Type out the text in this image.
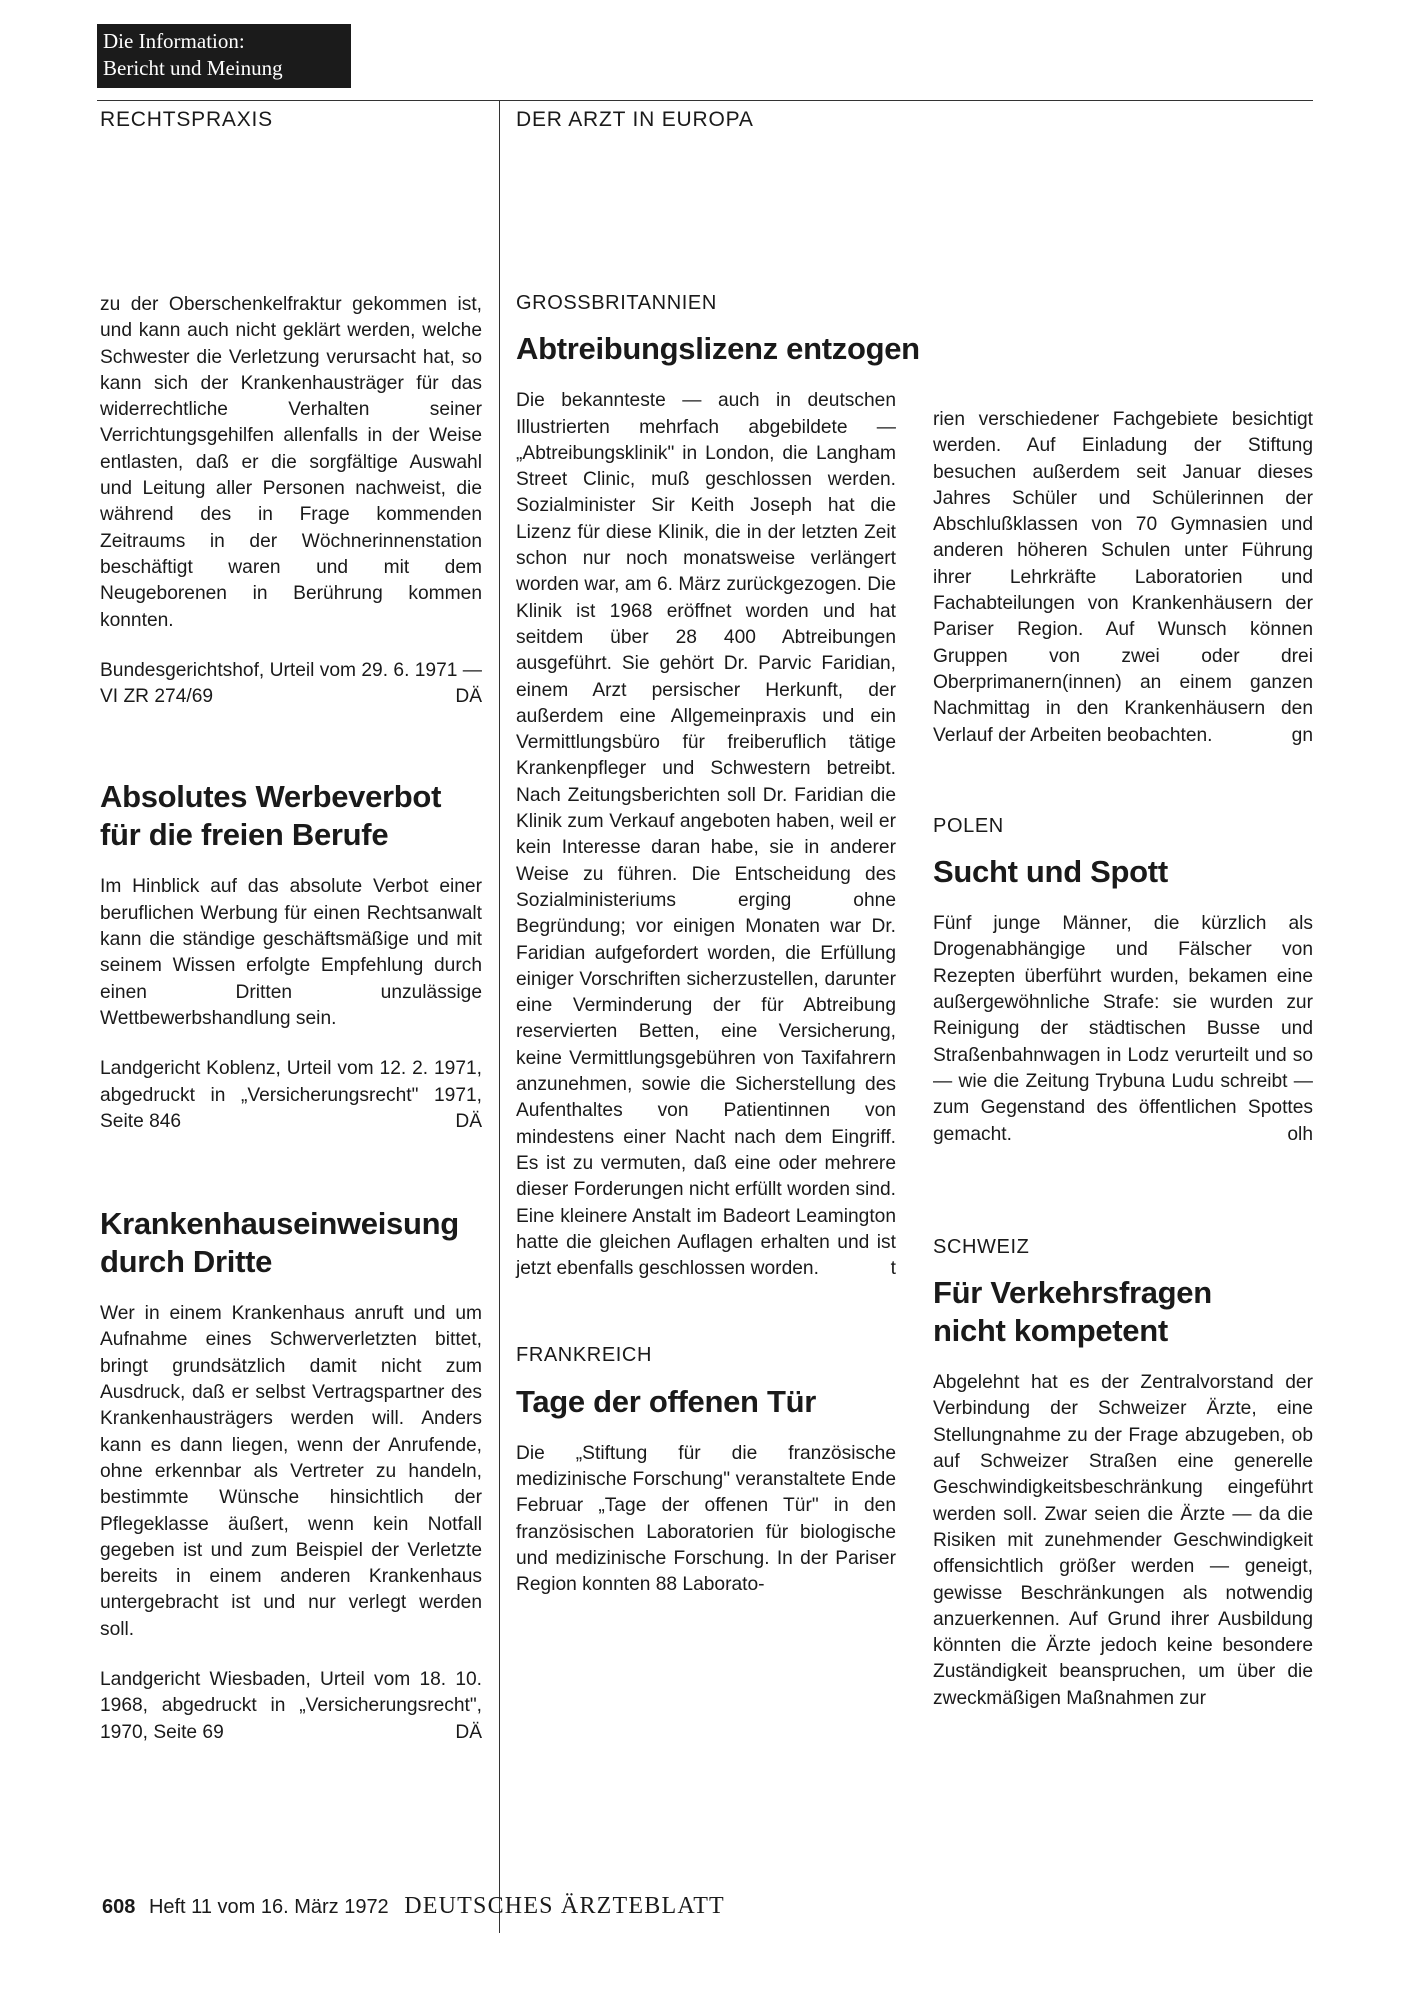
Die Information:
Bericht und Meinung
RECHTSPRAXIS	DER ARZT IN EUROPA

zu der Oberschenkelfraktur gekommen ist, und kann auch nicht geklärt werden, welche Schwester die Verletzung verursacht hat, so kann sich der Krankenhausträger für das widerrechtliche Verhalten seiner Verrichtungsgehilfen allenfalls in der Weise entlasten, daß er die sorgfältige Auswahl und Leitung aller Personen nachweist, die während des in Frage kommenden Zeitraums in der Wöchnerinnenstation beschäftigt waren und mit dem Neugeborenen in Berührung kommen konnten.

Bundesgerichtshof, Urteil vom 29. 6. 1971 — VI ZR 274/69	DÄ

Absolutes Werbeverbot für die freien Berufe

Im Hinblick auf das absolute Verbot einer beruflichen Werbung für einen Rechtsanwalt kann die ständige geschäftsmäßige und mit seinem Wissen erfolgte Empfehlung durch einen Dritten unzulässige Wettbewerbshandlung sein.

Landgericht Koblenz, Urteil vom 12. 2. 1971, abgedruckt in „Versicherungsrecht" 1971, Seite 846	DÄ

Krankenhauseinweisung durch Dritte

Wer in einem Krankenhaus anruft und um Aufnahme eines Schwerverletzten bittet, bringt grundsätzlich damit nicht zum Ausdruck, daß er selbst Vertragspartner des Krankenhausträgers werden will. Anders kann es dann liegen, wenn der Anrufende, ohne erkennbar als Vertreter zu handeln, bestimmte Wünsche hinsichtlich der Pflegeklasse äußert, wenn kein Notfall gegeben ist und zum Beispiel der Verletzte bereits in einem anderen Krankenhaus untergebracht ist und nur verlegt werden soll.

Landgericht Wiesbaden, Urteil vom 18. 10. 1968, abgedruckt in „Versicherungsrecht", 1970, Seite 69	DÄ

GROSSBRITANNIEN
Abtreibungslizenz entzogen

Die bekannteste — auch in deutschen Illustrierten mehrfach abgebildete — „Abtreibungsklinik" in London, die Langham Street Clinic, muß geschlossen werden. Sozialminister Sir Keith Joseph hat die Lizenz für diese Klinik, die in der letzten Zeit schon nur noch monatsweise verlängert worden war, am 6. März zurückgezogen. Die Klinik ist 1968 eröffnet worden und hat seitdem über 28 400 Abtreibungen ausgeführt. Sie gehört Dr. Parvic Faridian, einem Arzt persischer Herkunft, der außerdem eine Allgemeinpraxis und ein Vermittlungsbüro für freiberuflich tätige Krankenpfleger und Schwestern betreibt. Nach Zeitungsberichten soll Dr. Faridian die Klinik zum Verkauf angeboten haben, weil er kein Interesse daran habe, sie in anderer Weise zu führen. Die Entscheidung des Sozialministeriums erging ohne Begründung; vor einigen Monaten war Dr. Faridian aufgefordert worden, die Erfüllung einiger Vorschriften sicherzustellen, darunter eine Verminderung der für Abtreibung reservierten Betten, eine Versicherung, keine Vermittlungsgebühren von Taxifahrern anzunehmen, sowie die Sicherstellung des Aufenthaltes von Patientinnen von mindestens einer Nacht nach dem Eingriff. Es ist zu vermuten, daß eine oder mehrere dieser Forderungen nicht erfüllt worden sind. Eine kleinere Anstalt im Badeort Leamington hatte die gleichen Auflagen erhalten und ist jetzt ebenfalls geschlossen worden.	t

FRANKREICH
Tage der offenen Tür

Die „Stiftung für die französische medizinische Forschung" veranstaltete Ende Februar „Tage der offenen Tür" in den französischen Laboratorien für biologische und medizinische Forschung. In der Pariser Region konnten 88 Laborato-

rien verschiedener Fachgebiete besichtigt werden. Auf Einladung der Stiftung besuchen außerdem seit Januar dieses Jahres Schüler und Schülerinnen der Abschlußklassen von 70 Gymnasien und anderen höheren Schulen unter Führung ihrer Lehrkräfte Laboratorien und Fachabteilungen von Krankenhäusern der Pariser Region. Auf Wunsch können Gruppen von zwei oder drei Oberprimanern(innen) an einem ganzen Nachmittag in den Krankenhäusern den Verlauf der Arbeiten beobachten.	gn

POLEN
Sucht und Spott

Fünf junge Männer, die kürzlich als Drogenabhängige und Fälscher von Rezepten überführt wurden, bekamen eine außergewöhnliche Strafe: sie wurden zur Reinigung der städtischen Busse und Straßenbahnwagen in Lodz verurteilt und so — wie die Zeitung Trybuna Ludu schreibt — zum Gegenstand des öffentlichen Spottes gemacht.	olh

SCHWEIZ
Für Verkehrsfragen nicht kompetent

Abgelehnt hat es der Zentralvorstand der Verbindung der Schweizer Ärzte, eine Stellungnahme zu der Frage abzugeben, ob auf Schweizer Straßen eine generelle Geschwindigkeitsbeschränkung eingeführt werden soll. Zwar seien die Ärzte — da die Risiken mit zunehmender Geschwindigkeit offensichtlich größer werden — geneigt, gewisse Beschränkungen als notwendig anzuerkennen. Auf Grund ihrer Ausbildung könnten die Ärzte jedoch keine besondere Zuständigkeit beanspruchen, um über die zweckmäßigen Maßnahmen zur

608 Heft 11 vom 16. März 1972 DEUTSCHES ÄRZTEBLATT
